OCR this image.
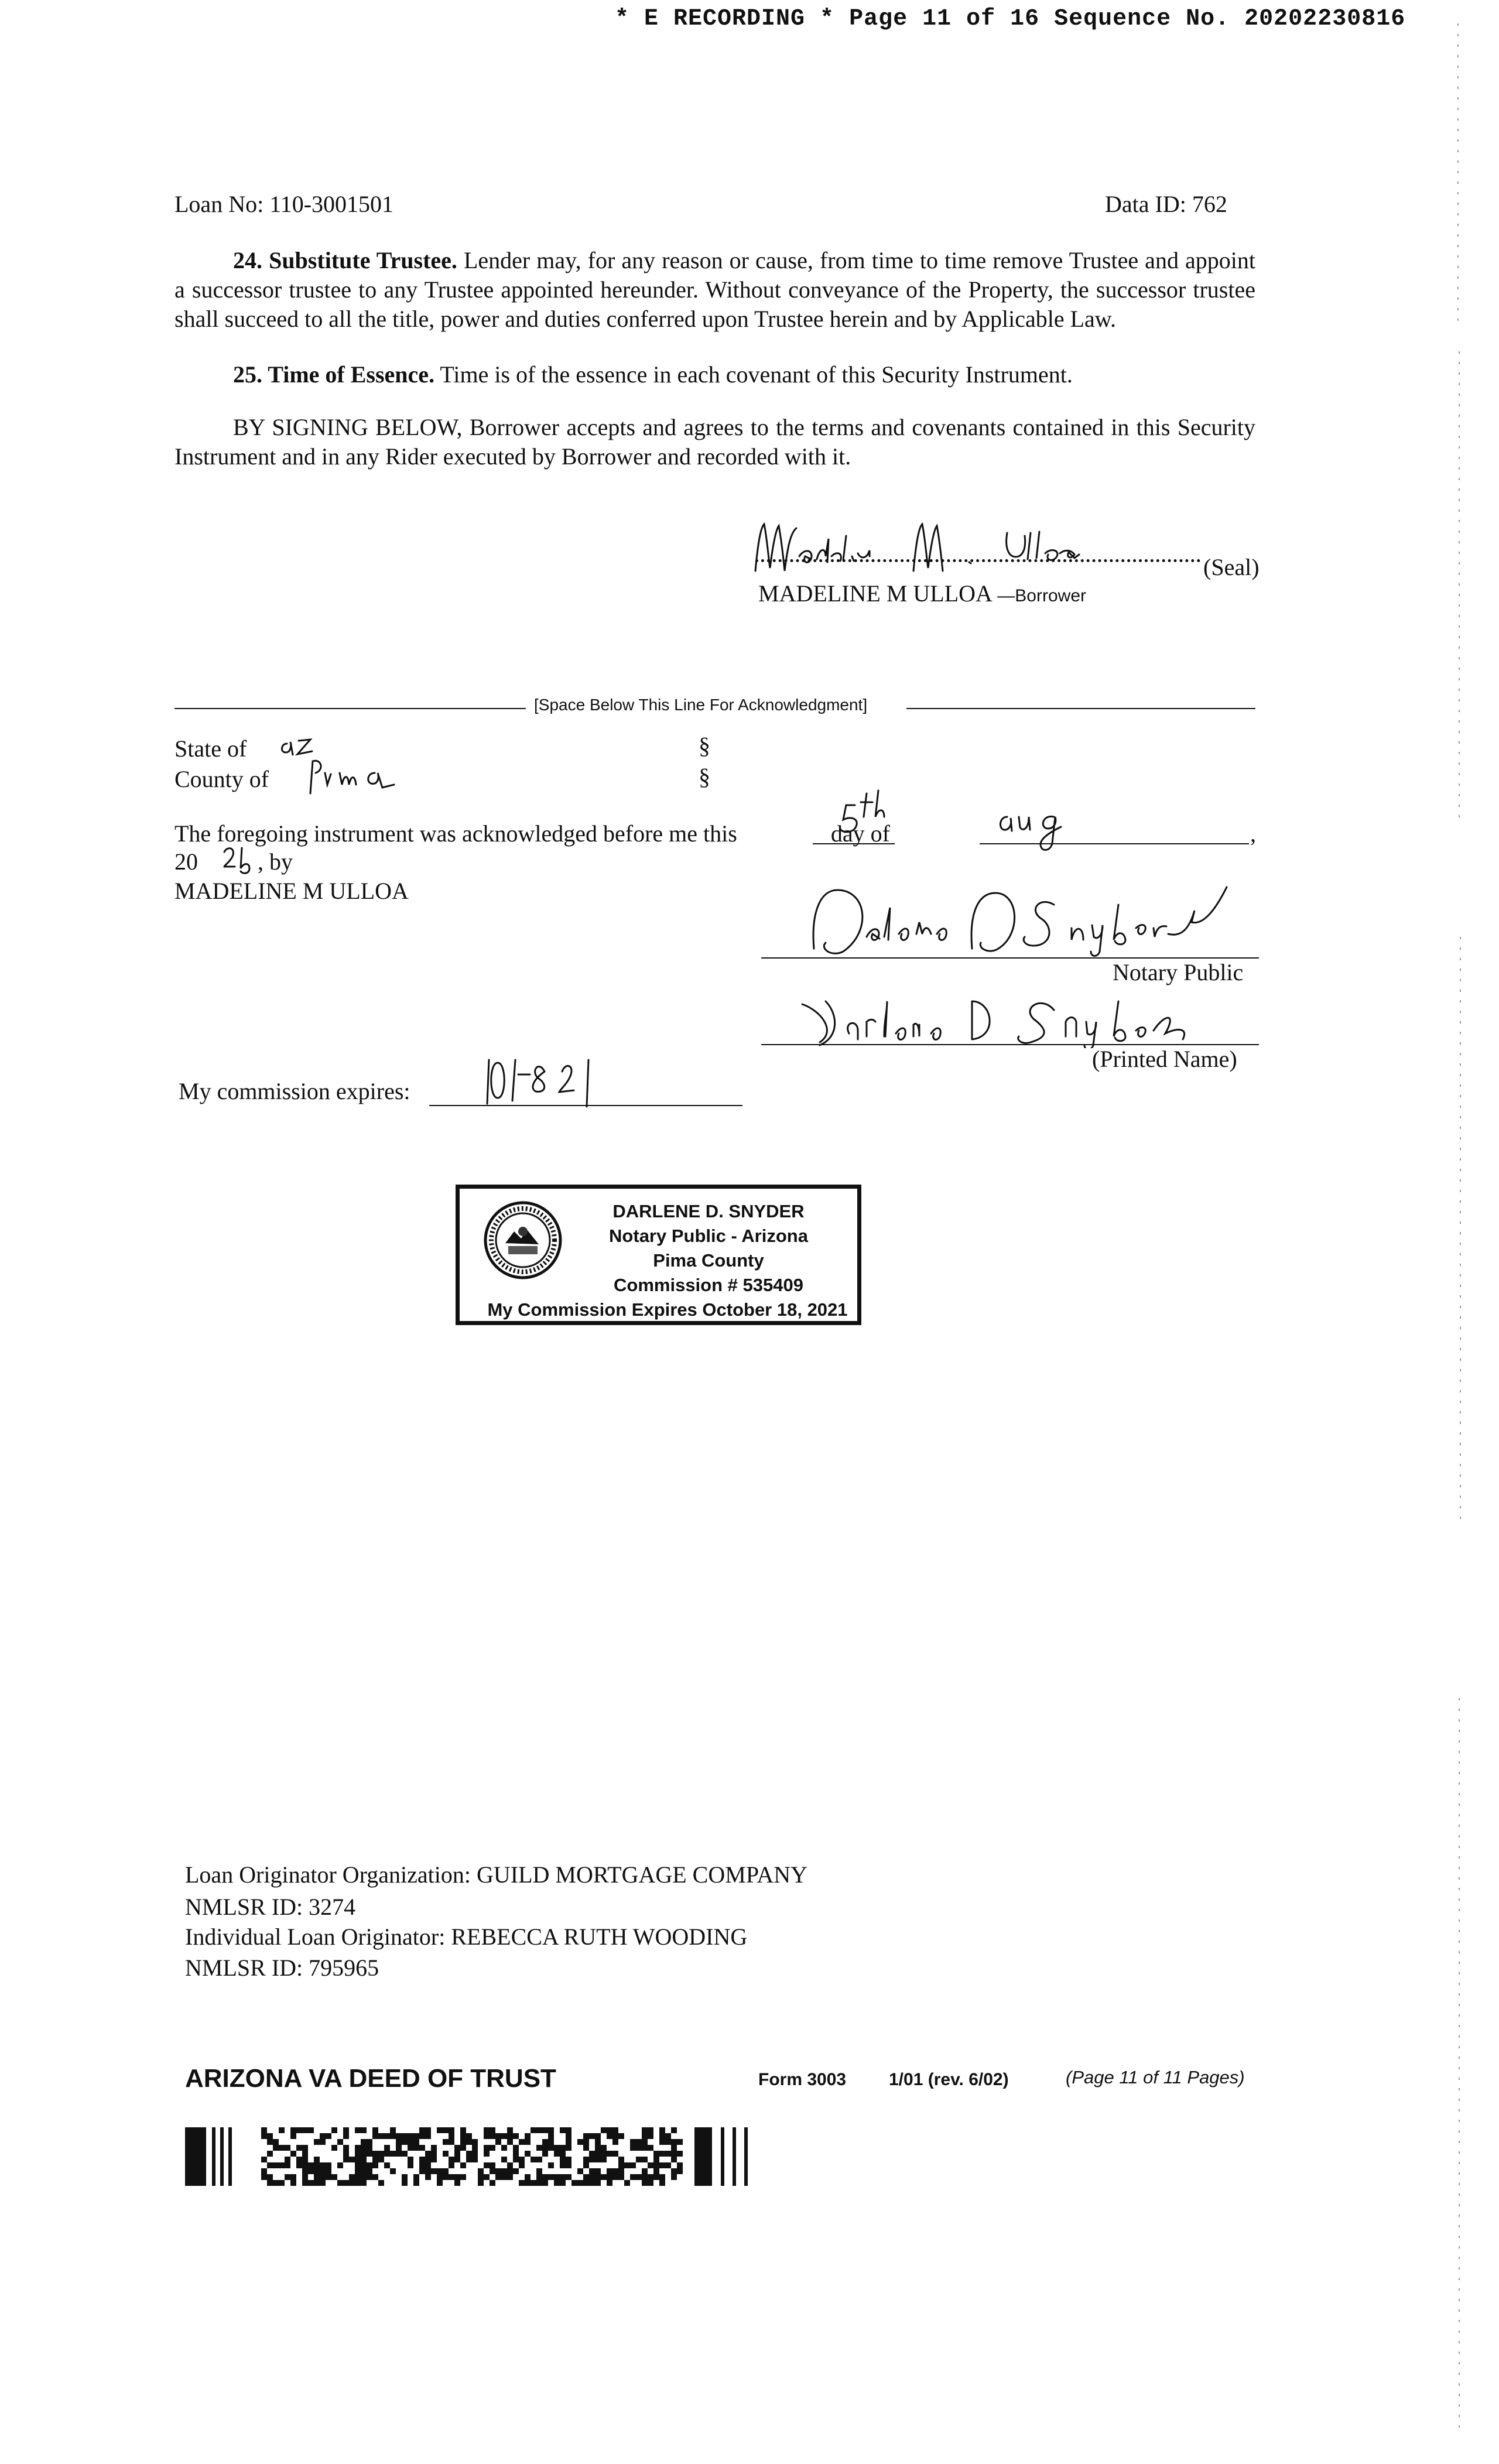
* E RECORDING * Page 11 of 16 Sequence No. 20202230816
Loan No: 110-3001501	Data ID: 762
24. Substitute Trustee. Lender may, for any reason or cause, from time to time remove Trustee and appoint a successor trustee to any Trustee appointed hereunder. Without conveyance of the Property, the successor trustee shall succeed to all the title, power and duties conferred upon Trustee herein and by Applicable Law.
25. Time of Essence. Time is of the essence in each covenant of this Security Instrument.
BY SIGNING BELOW, Borrower accepts and agrees to the terms and covenants contained in this Security Instrument and in any Rider executed by Borrower and recorded with it.
(Seal)
MADELINE M ULLOA —Borrower
[Space Below This Line For Acknowledgment]
State of
County of
§
§
The foregoing instrument was acknowledged before me this	day of	,
20	, by
MADELINE M ULLOA
Notary Public
(Printed Name)
My commission expires:
DARLENE D. SNYDER
Notary Public - Arizona
Pima County
Commission # 535409
My Commission Expires October 18, 2021
Loan Originator Organization: GUILD MORTGAGE COMPANY
NMLSR ID: 3274
Individual Loan Originator: REBECCA RUTH WOODING
NMLSR ID: 795965
ARIZONA VA DEED OF TRUST	Form 3003 1/01 (rev. 6/02)	(Page 11 of 11 Pages)
